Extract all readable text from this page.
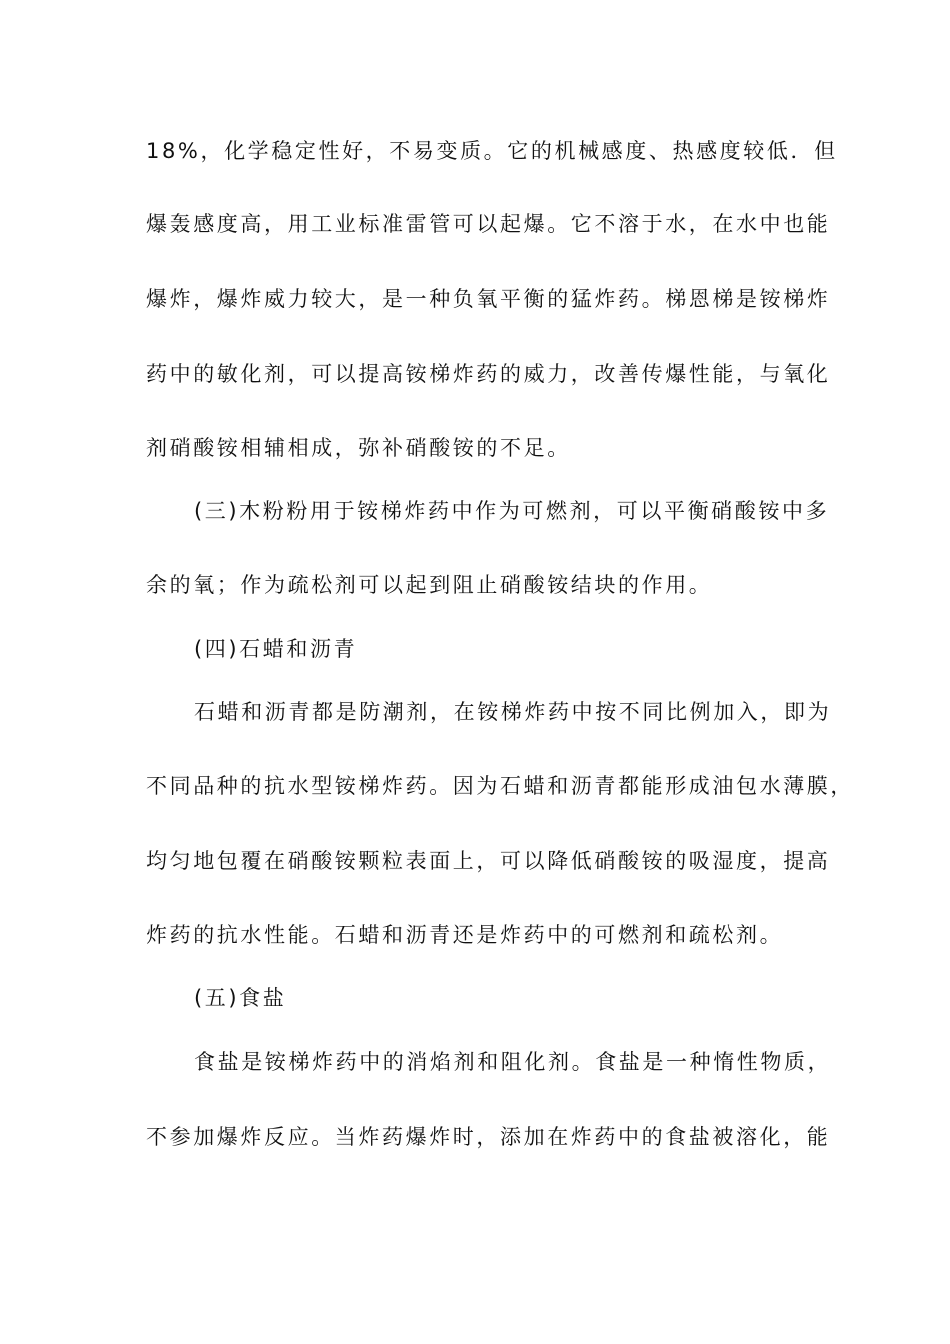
18%，化学稳定性好，不易变质。它的机械感度、热感度较低．但
爆轰感度高，用工业标准雷管可以起爆。它不溶于水，在水中也能
爆炸，爆炸威力较大，是一种负氧平衡的猛炸药。梯恩梯是铵梯炸
药中的敏化剂，可以提高铵梯炸药的威力，改善传爆性能，与氧化
剂硝酸铵相辅相成，弥补硝酸铵的不足。
(三)木粉粉用于铵梯炸药中作为可燃剂，可以平衡硝酸铵中多
余的氧；作为疏松剂可以起到阻止硝酸铵结块的作用。
(四)石蜡和沥青
石蜡和沥青都是防潮剂，在铵梯炸药中按不同比例加入，即为
不同品种的抗水型铵梯炸药。因为石蜡和沥青都能形成油包水薄膜，
均匀地包覆在硝酸铵颗粒表面上，可以降低硝酸铵的吸湿度，提高
炸药的抗水性能。石蜡和沥青还是炸药中的可燃剂和疏松剂。
(五)食盐
食盐是铵梯炸药中的消焰剂和阻化剂。食盐是一种惰性物质，
不参加爆炸反应。当炸药爆炸时，添加在炸药中的食盐被溶化，能
